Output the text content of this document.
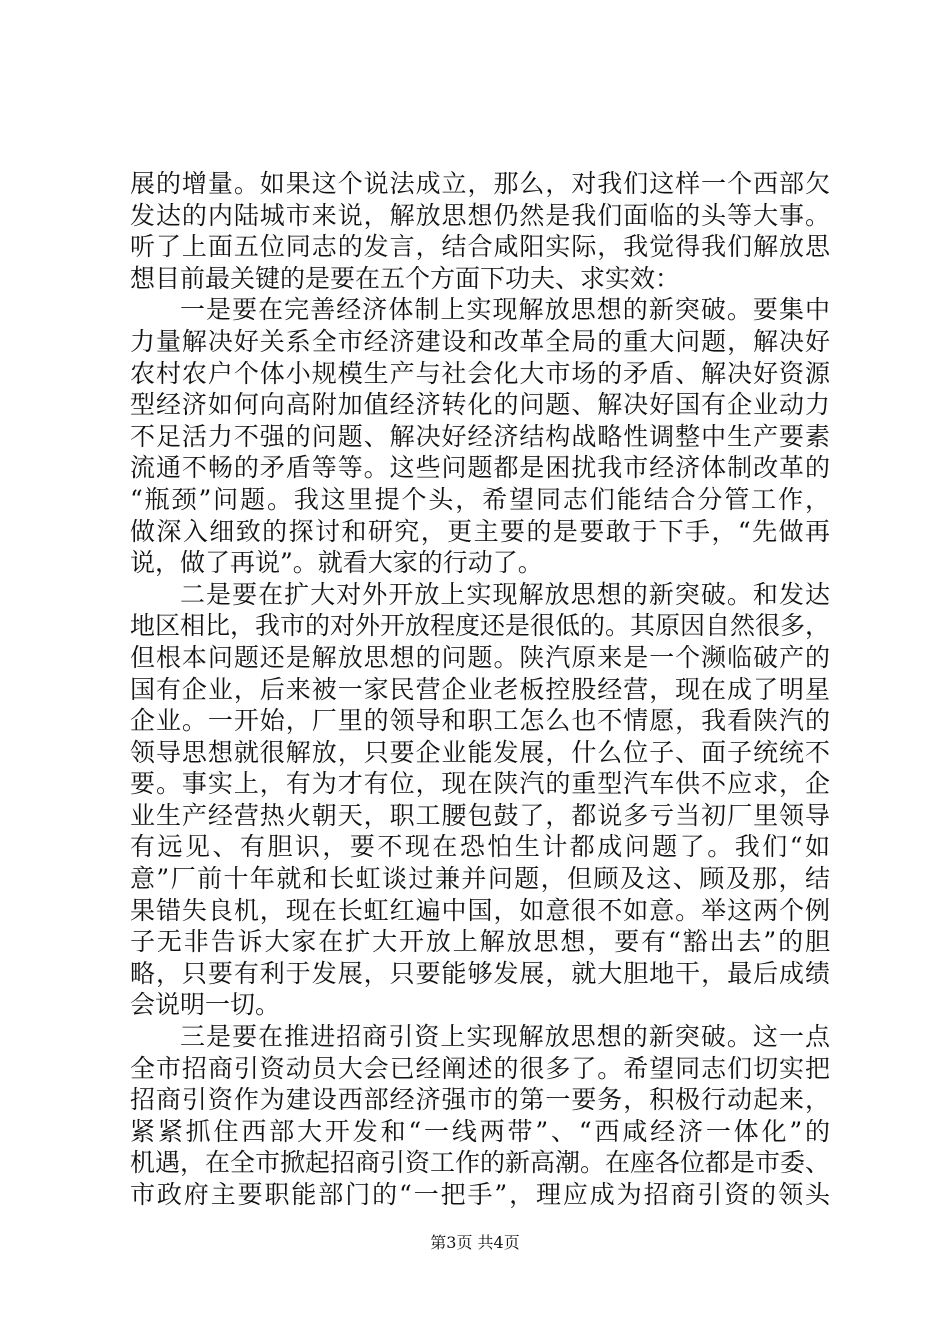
展的增量。如果这个说法成立，那么，对我们这样一个西部欠
发达的内陆城市来说，解放思想仍然是我们面临的头等大事。
听了上面五位同志的发言，结合咸阳实际，我觉得我们解放思
想目前最关键的是要在五个方面下功夫、求实效：
一是要在完善经济体制上实现解放思想的新突破。要集中
力量解决好关系全市经济建设和改革全局的重大问题，解决好
农村农户个体小规模生产与社会化大市场的矛盾、解决好资源
型经济如何向高附加值经济转化的问题、解决好国有企业动力
不足活力不强的问题、解决好经济结构战略性调整中生产要素
流通不畅的矛盾等等。这些问题都是困扰我市经济体制改革的
“瓶颈”问题。我这里提个头，希望同志们能结合分管工作，
做深入细致的探讨和研究，更主要的是要敢于下手，“先做再
说，做了再说”。就看大家的行动了。
二是要在扩大对外开放上实现解放思想的新突破。和发达
地区相比，我市的对外开放程度还是很低的。其原因自然很多，
但根本问题还是解放思想的问题。陕汽原来是一个濒临破产的
国有企业，后来被一家民营企业老板控股经营，现在成了明星
企业。一开始，厂里的领导和职工怎么也不情愿，我看陕汽的
领导思想就很解放，只要企业能发展，什么位子、面子统统不
要。事实上，有为才有位，现在陕汽的重型汽车供不应求，企
业生产经营热火朝天，职工腰包鼓了，都说多亏当初厂里领导
有远见、有胆识，要不现在恐怕生计都成问题了。我们“如
意”厂前十年就和长虹谈过兼并问题，但顾及这、顾及那，结
果错失良机，现在长虹红遍中国，如意很不如意。举这两个例
子无非告诉大家在扩大开放上解放思想，要有“豁出去”的胆
略，只要有利于发展，只要能够发展，就大胆地干，最后成绩
会说明一切。
三是要在推进招商引资上实现解放思想的新突破。这一点
全市招商引资动员大会已经阐述的很多了。希望同志们切实把
招商引资作为建设西部经济强市的第一要务，积极行动起来，
紧紧抓住西部大开发和“一线两带”、“西咸经济一体化”的
机遇，在全市掀起招商引资工作的新高潮。在座各位都是市委、
市政府主要职能部门的“一把手”，理应成为招商引资的领头
第3页 共4页
